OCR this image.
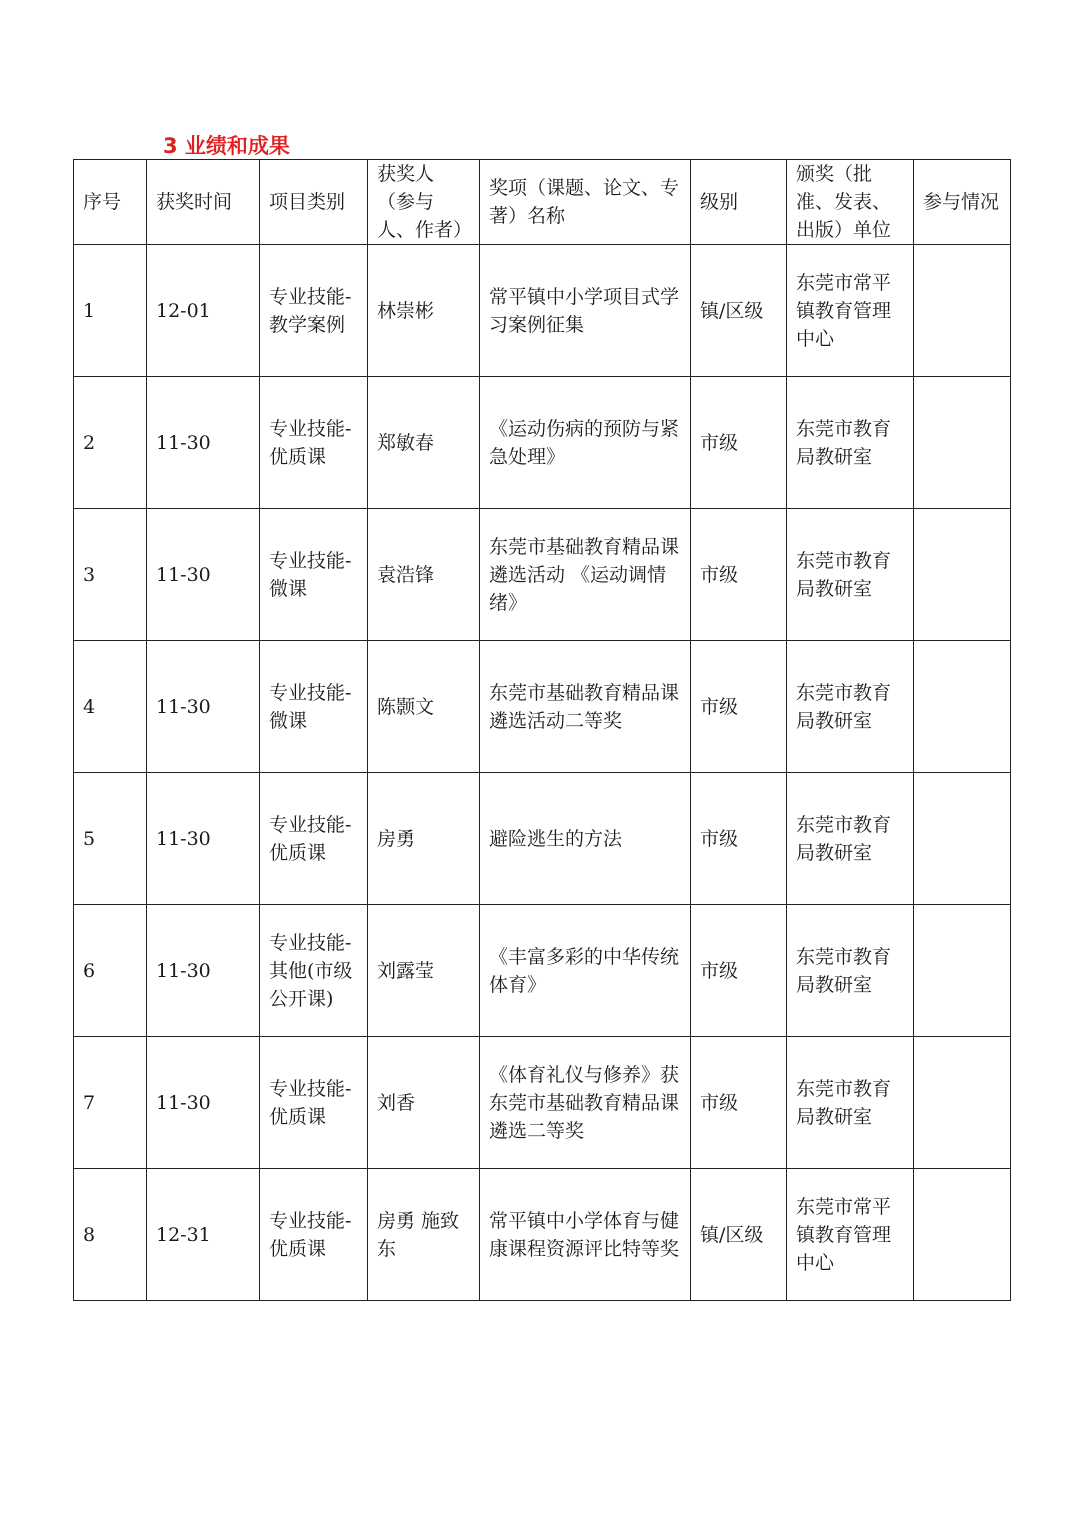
3 业绩和成果
序号	获奖时间	项目类别	获奖人（参与人、作者）	奖项（课题、论文、专著）名称	级别	颁奖（批准、发表、出版）单位	参与情况
1	12-01	专业技能-教学案例	林崇彬	常平镇中小学项目式学习案例征集	镇/区级	东莞市常平镇教育管理中心	
2	11-30	专业技能-优质课	郑敏春	《运动伤病的预防与紧急处理》	市级	东莞市教育局教研室	
3	11-30	专业技能-微课	袁浩锋	东莞市基础教育精品课遴选活动 《运动调情绪》	市级	东莞市教育局教研室	
4	11-30	专业技能-微课	陈颢文	东莞市基础教育精品课遴选活动二等奖	市级	东莞市教育局教研室	
5	11-30	专业技能-优质课	房勇	避险逃生的方法	市级	东莞市教育局教研室	
6	11-30	专业技能-其他(市级公开课)	刘露莹	《丰富多彩的中华传统体育》	市级	东莞市教育局教研室	
7	11-30	专业技能-优质课	刘香	《体育礼仪与修养》获东莞市基础教育精品课遴选二等奖	市级	东莞市教育局教研室	
8	12-31	专业技能-优质课	房勇 施致东	常平镇中小学体育与健康课程资源评比特等奖	镇/区级	东莞市常平镇教育管理中心	
